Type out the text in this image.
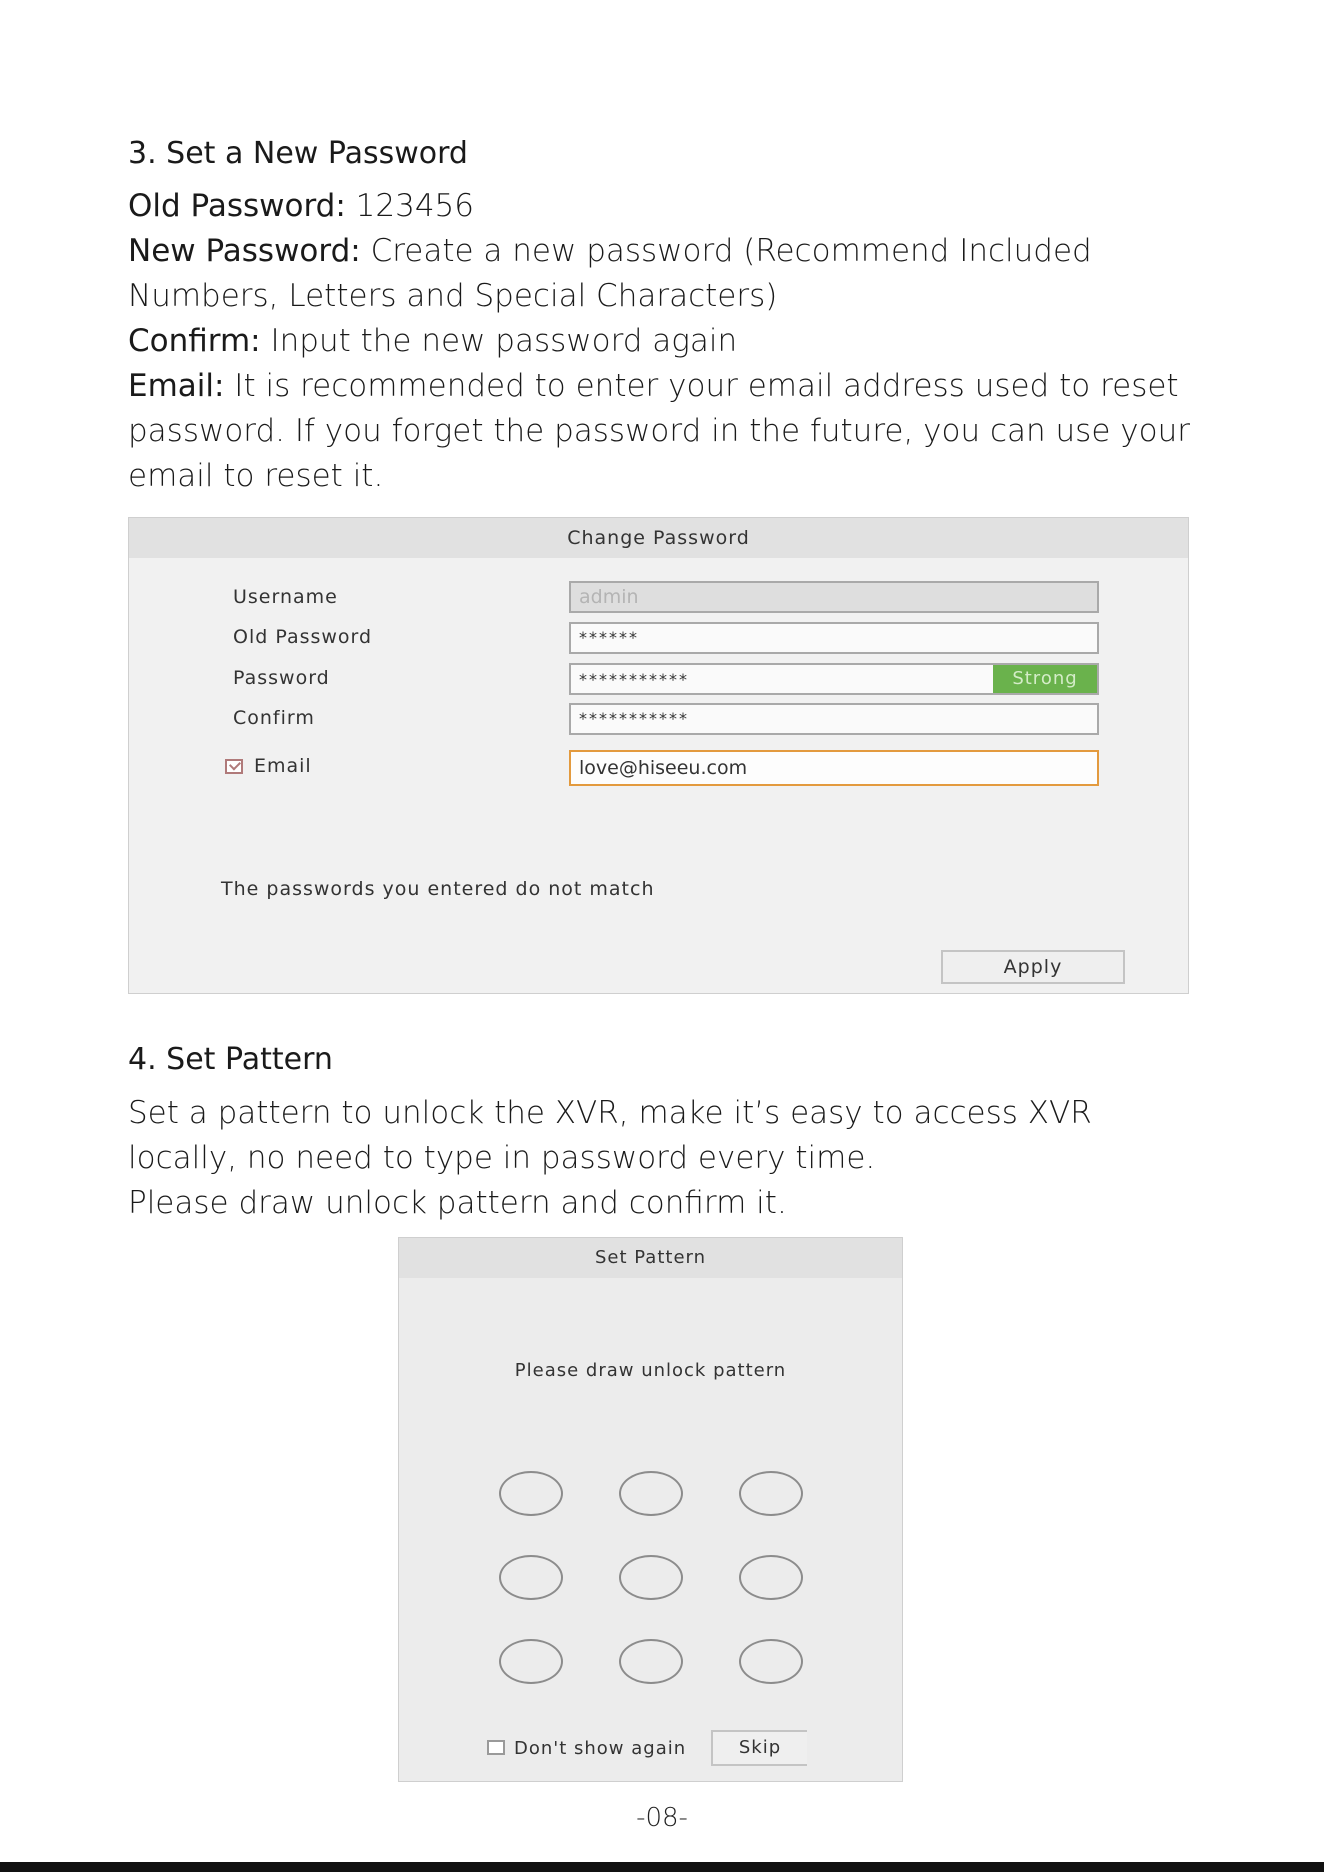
3. Set a New Password

Old Password: 123456

New Password: Create a new password (Recommend Included Numbers, Letters and Special Characters)

Confirm: Input the new password again

Email: It is recommended to enter your email address used to reset password. If you forget the password in the future, you can use your email to reset it.

Change Password
Username	admin
Old Password	******
Password	***********	Strong
Confirm	***********
Email	love@hiseeu.com
The passwords you entered do not match
Apply
4. Set Pattern

Set a pattern to unlock the XVR, make it’s easy to access XVR locally, no need to type in password every time.

Please draw unlock pattern and confirm it.

Set Pattern
Please draw unlock pattern
Don't show again	Skip
-08-
